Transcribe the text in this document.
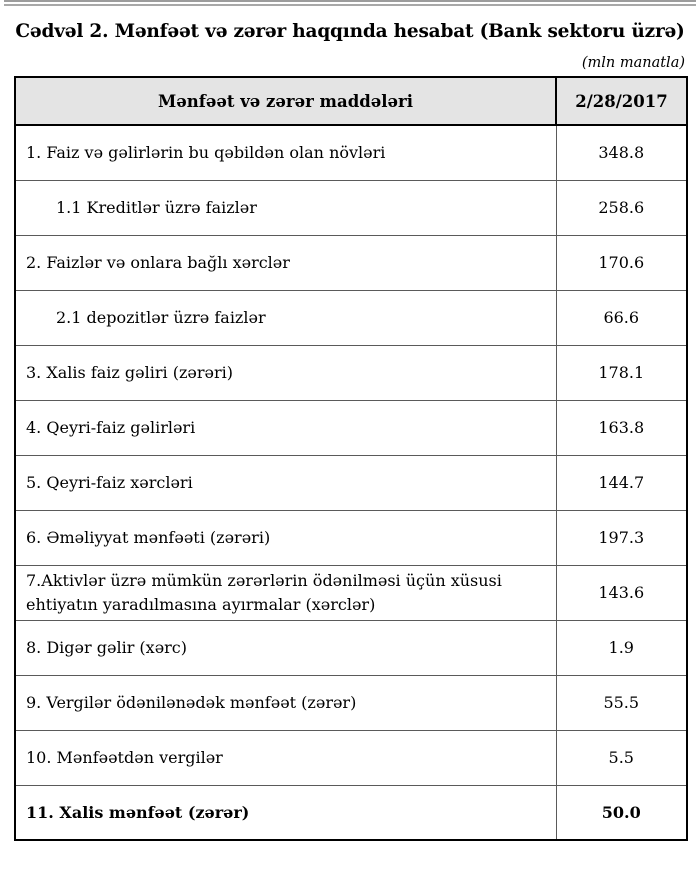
Cədvəl 2. Mənfəət və zərər haqqında hesabat (Bank sektoru üzrə)
(mln manatla)
Mənfəət və zərər maddələri	2/28/2017
1. Faiz və gəlirlərin bu qəbildən olan növləri	348.8
1.1 Kreditlər üzrə faizlər	258.6
2. Faizlər və onlara bağlı xərclər	170.6
2.1 depozitlər üzrə faizlər	66.6
3. Xalis faiz gəliri (zərəri)	178.1
4. Qeyri-faiz gəlirləri	163.8
5. Qeyri-faiz xərcləri	144.7
6. Əməliyyat mənfəəti (zərəri)	197.3
7.Aktivlər üzrə mümkün zərərlərin ödənilməsi üçün xüsusi ehtiyatın yaradılmasına ayırmalar (xərclər)	143.6
8. Digər gəlir (xərc)	1.9
9. Vergilər ödənilənədək mənfəət (zərər)	55.5
10. Mənfəətdən vergilər	5.5
11. Xalis mənfəət (zərər)	50.0
